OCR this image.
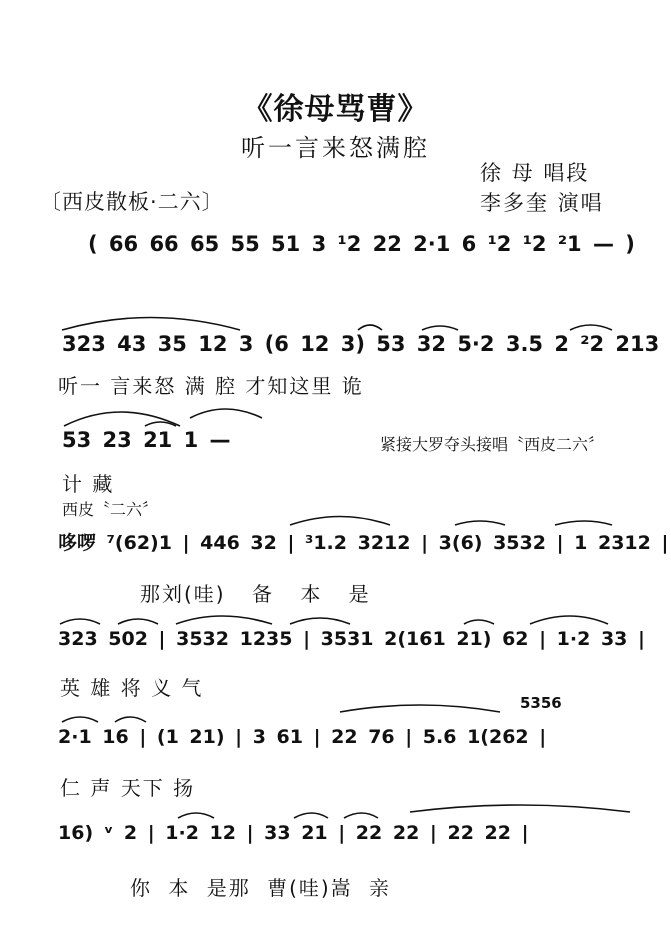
《徐母骂曹》
听一言来怒满腔
徐 母 唱段
李多奎 演唱
〔西皮散板·二六〕
( 66 66 65 55 51 3 ¹2 22 2·1 6 ¹2 ¹2 ²1 — )
323 43 35 12 3 (6 12 3) 53 32 5·2 3.5 2 ²2 213
听一 言来怒 满 腔 才知这里 诡
53 23 21 1 —	紧接大罗夺头接唱〝西皮二六〞
计 藏
西皮〝二六〞
哆啰 ⁷(62)1 | 446 32 | ³1.2 3212 | 3(6) 3532 | 1 2312 |
那刘(哇) 备 本 是
323 502 | 3532 1235 | 3531 2(161 21) 62 | 1·2 33 |
英 雄 将 义 气
5356
2·1 16 | (1 21) | 3 61 | 22 76 | 5.6 1(262 |
仁 声 天下 扬
16) ᵛ 2 | 1·2 12 | 33 21 | 22 22 | 22 22 |
你 本 是那 曹(哇)嵩 亲
